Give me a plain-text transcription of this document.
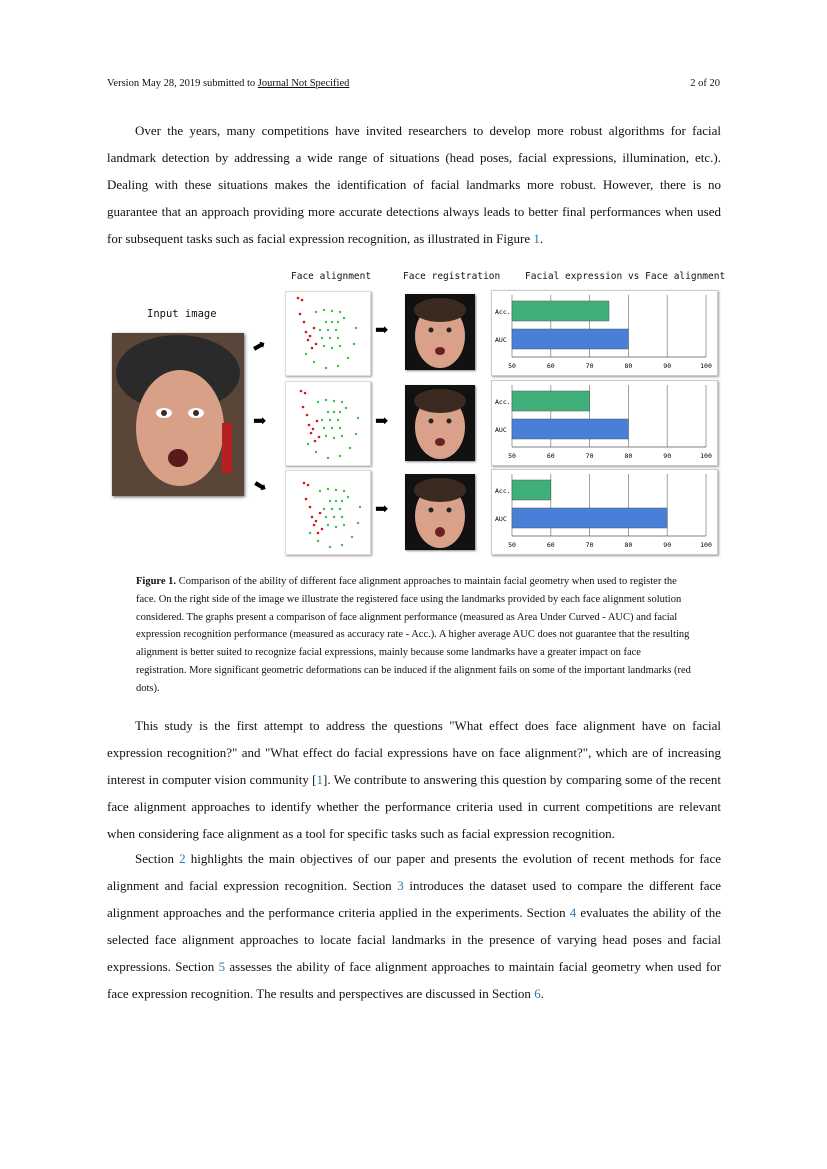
Version May 28, 2019 submitted to Journal Not Specified	2 of 20

Over the years, many competitions have invited researchers to develop more robust algorithms for facial landmark detection by addressing a wide range of situations (head poses, facial expressions, illumination, etc.). Dealing with these situations makes the identification of facial landmarks more robust. However, there is no guarantee that an approach providing more accurate detections always leads to better final performances when used for subsequent tasks such as facial expression recognition, as illustrated in Figure 1.

Face alignment	Face registration	Facial expression vs Face alignment
Input image
➡
➡
➡
➡
➡
➡
50	60	70	80	90	100
Acc.
AUC
50	60	70	80	90	100
Acc.
AUC
50	60	70	80	90	100
Acc.
AUC
Figure 1. Comparison of the ability of different face alignment approaches to maintain facial geometry when used to register the face. On the right side of the image we illustrate the registered face using the landmarks provided by each face alignment solution considered. The graphs present a comparison of face alignment performance (measured as Area Under Curved - AUC) and facial expression recognition performance (measured as accuracy rate - Acc.). A higher average AUC does not guarantee that the resulting alignment is better suited to recognize facial expressions, mainly because some landmarks have a greater impact on face registration. More significant geometric deformations can be induced if the alignment fails on some of the important landmarks (red dots).

This study is the first attempt to address the questions "What effect does face alignment have on facial expression recognition?" and "What effect do facial expressions have on face alignment?", which are of increasing interest in computer vision community [1]. We contribute to answering this question by comparing some of the recent face alignment approaches to identify whether the performance criteria used in current competitions are relevant when considering face alignment as a tool for specific tasks such as facial expression recognition.

Section 2 highlights the main objectives of our paper and presents the evolution of recent methods for face alignment and facial expression recognition. Section 3 introduces the dataset used to compare the different face alignment approaches and the performance criteria applied in the experiments. Section 4 evaluates the ability of the selected face alignment approaches to locate facial landmarks in the presence of varying head poses and facial expressions. Section 5 assesses the ability of face alignment approaches to maintain facial geometry when used for face expression recognition. The results and perspectives are discussed in Section 6.
